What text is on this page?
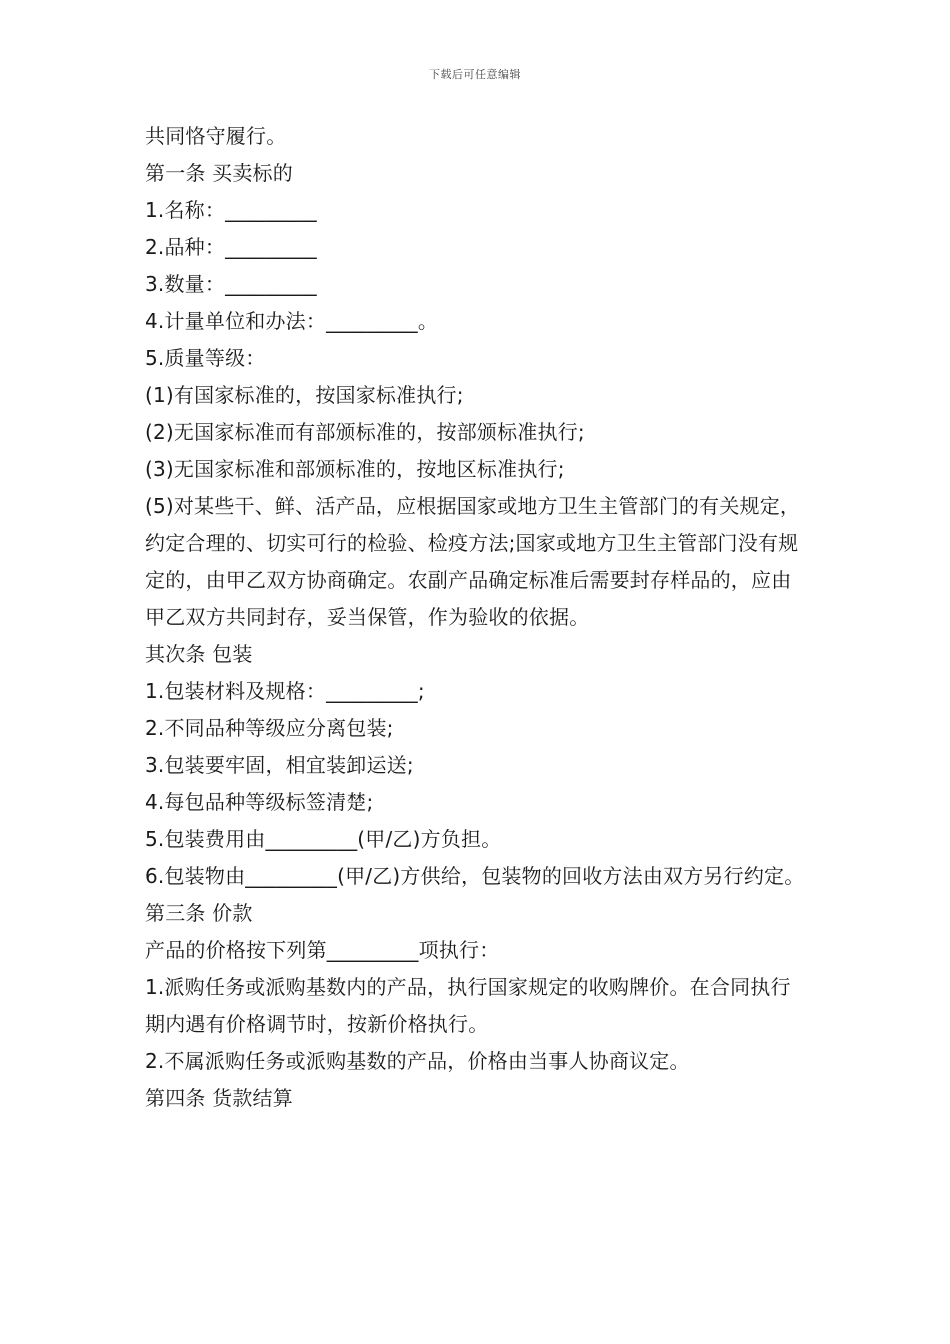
下载后可任意编辑

共同恪守履行。

第一条 买卖标的

1.名称：_________

2.品种：_________

3.数量：_________

4.计量单位和办法：_________。

5.质量等级：

(1)有国家标准的，按国家标准执行;

(2)无国家标准而有部颁标准的，按部颁标准执行;

(3)无国家标准和部颁标准的，按地区标准执行;

(5)对某些干、鲜、活产品，应根据国家或地方卫生主管部门的有关规定，约定合理的、切实可行的检验、检疫方法;国家或地方卫生主管部门没有规定的，由甲乙双方协商确定。农副产品确定标准后需要封存样品的，应由甲乙双方共同封存，妥当保管，作为验收的依据。

其次条 包装

1.包装材料及规格：_________;

2.不同品种等级应分离包装;

3.包装要牢固，相宜装卸运送;

4.每包品种等级标签清楚;

5.包装费用由_________(甲/乙)方负担。

6.包装物由_________(甲/乙)方供给，包装物的回收方法由双方另行约定。

第三条 价款

产品的价格按下列第_________项执行：

1.派购任务或派购基数内的产品，执行国家规定的收购牌价。在合同执行期内遇有价格调节时，按新价格执行。

2.不属派购任务或派购基数的产品，价格由当事人协商议定。

第四条 货款结算
